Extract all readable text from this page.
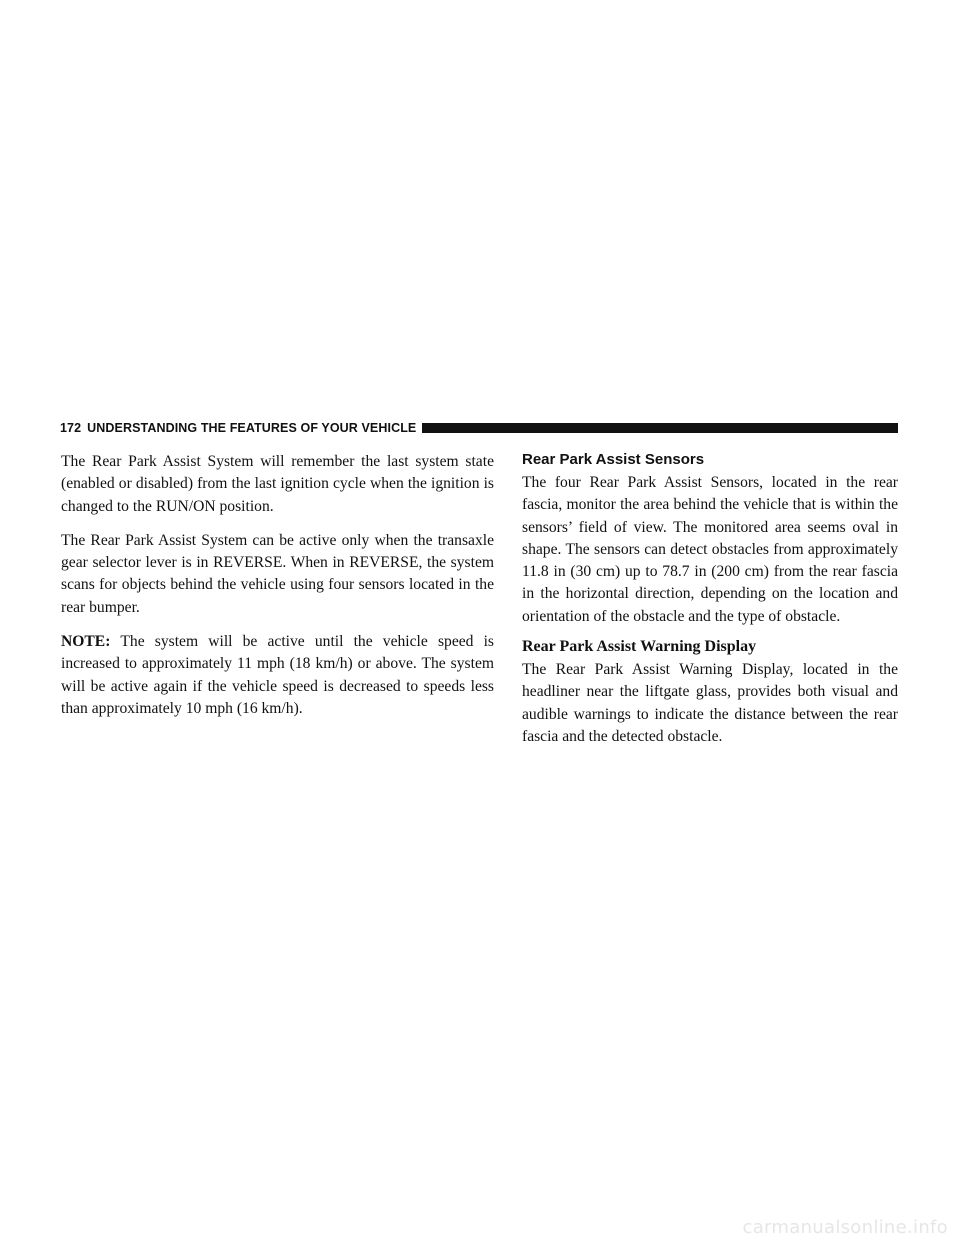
172 UNDERSTANDING THE FEATURES OF YOUR VEHICLE

The Rear Park Assist System will remember the last system state (enabled or disabled) from the last ignition cycle when the ignition is changed to the RUN/ON position.

The Rear Park Assist System can be active only when the transaxle gear selector lever is in REVERSE. When in REVERSE, the system scans for objects behind the vehicle using four sensors located in the rear bumper.

NOTE: The system will be active until the vehicle speed is increased to approximately 11 mph (18 km/h) or above. The system will be active again if the vehicle speed is decreased to speeds less than approximately 10 mph (16 km/h).

Rear Park Assist Sensors

The four Rear Park Assist Sensors, located in the rear fascia, monitor the area behind the vehicle that is within the sensors’ field of view. The monitored area seems oval in shape. The sensors can detect obstacles from approximately 11.8 in (30 cm) up to 78.7 in (200 cm) from the rear fascia in the horizontal direction, depending on the location and orientation of the obstacle and the type of obstacle.

Rear Park Assist Warning Display

The Rear Park Assist Warning Display, located in the headliner near the liftgate glass, provides both visual and audible warnings to indicate the distance between the rear fascia and the detected obstacle.

carmanualsonline.info
